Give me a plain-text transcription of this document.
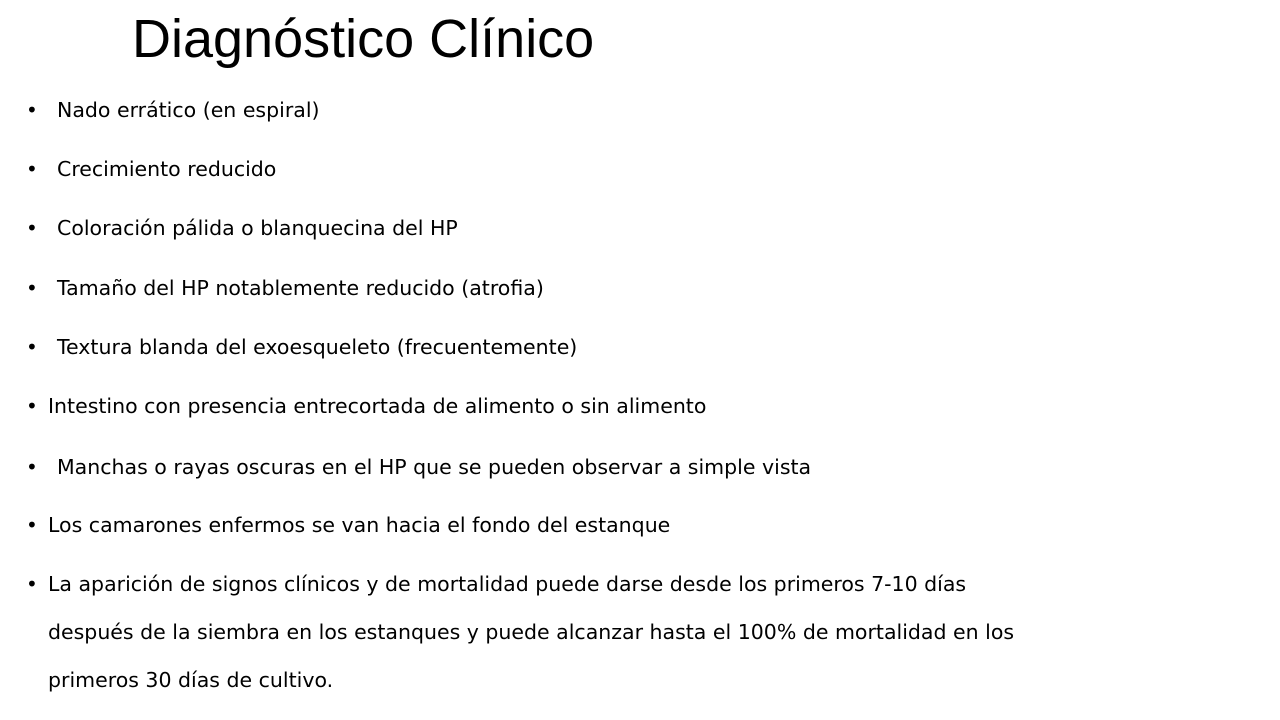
Diagnóstico Clínico
• Nado errático (en espiral)
• Crecimiento reducido
• Coloración pálida o blanquecina del HP
• Tamaño del HP notablemente reducido (atrofia)
• Textura blanda del exoesqueleto (frecuentemente)
• Intestino con presencia entrecortada de alimento o sin alimento
• Manchas o rayas oscuras en el HP que se pueden observar a simple vista
• Los camarones enfermos se van hacia el fondo del estanque
• La aparición de signos clínicos y de mortalidad puede darse desde los primeros 7-10 días
después de la siembra en los estanques y puede alcanzar hasta el 100% de mortalidad en los
primeros 30 días de cultivo.
